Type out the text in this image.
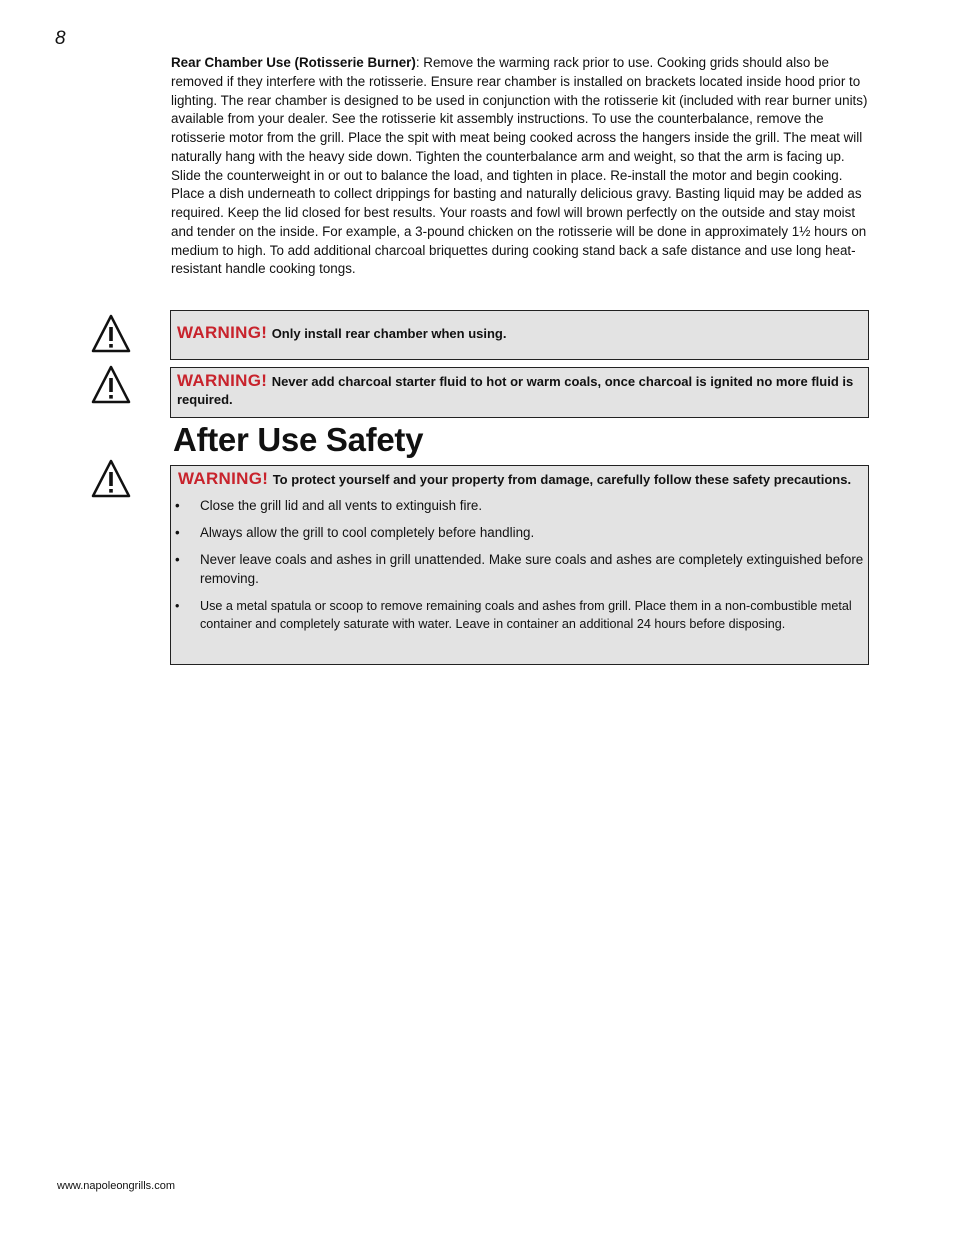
8

Rear Chamber Use (Rotisserie Burner): Remove the warming rack prior to use. Cooking grids should also be removed if they interfere with the rotisserie. Ensure rear chamber is installed on brackets located inside hood prior to lighting. The rear chamber is designed to be used in conjunction with the rotisserie kit (included with rear burner units) available from your dealer. See the rotisserie kit assembly instructions. To use the counterbalance, remove the rotisserie motor from the grill. Place the spit with meat being cooked across the hangers inside the grill. The meat will naturally hang with the heavy side down. Tighten the counterbalance arm and weight, so that the arm is facing up. Slide the counterweight in or out to balance the load, and tighten in place. Re-install the motor and begin cooking. Place a dish underneath to collect drippings for basting and naturally delicious gravy. Basting liquid may be added as required. Keep the lid closed for best results. Your roasts and fowl will brown perfectly on the outside and stay moist and tender on the inside. For example, a 3-pound chicken on the rotisserie will be done in approximately 1½ hours on medium to high. To add additional charcoal briquettes during cooking stand back a safe distance and use long heat-resistant handle cooking tongs.

WARNING! Only install rear chamber when using.
WARNING! Never add charcoal starter fluid to hot or warm coals, once charcoal is ignited no more fluid is required.
After Use Safety
WARNING! To protect yourself and your property from damage, carefully follow these safety precautions.
• Close the grill lid and all vents to extinguish fire.
• Always allow the grill to cool completely before handling.
• Never leave coals and ashes in grill unattended. Make sure coals and ashes are completely extinguished before removing.
• Use a metal spatula or scoop to remove remaining coals and ashes from grill. Place them in a non-combustible metal container and completely saturate with water. Leave in container an additional 24 hours before disposing.
www.napoleongrills.com
